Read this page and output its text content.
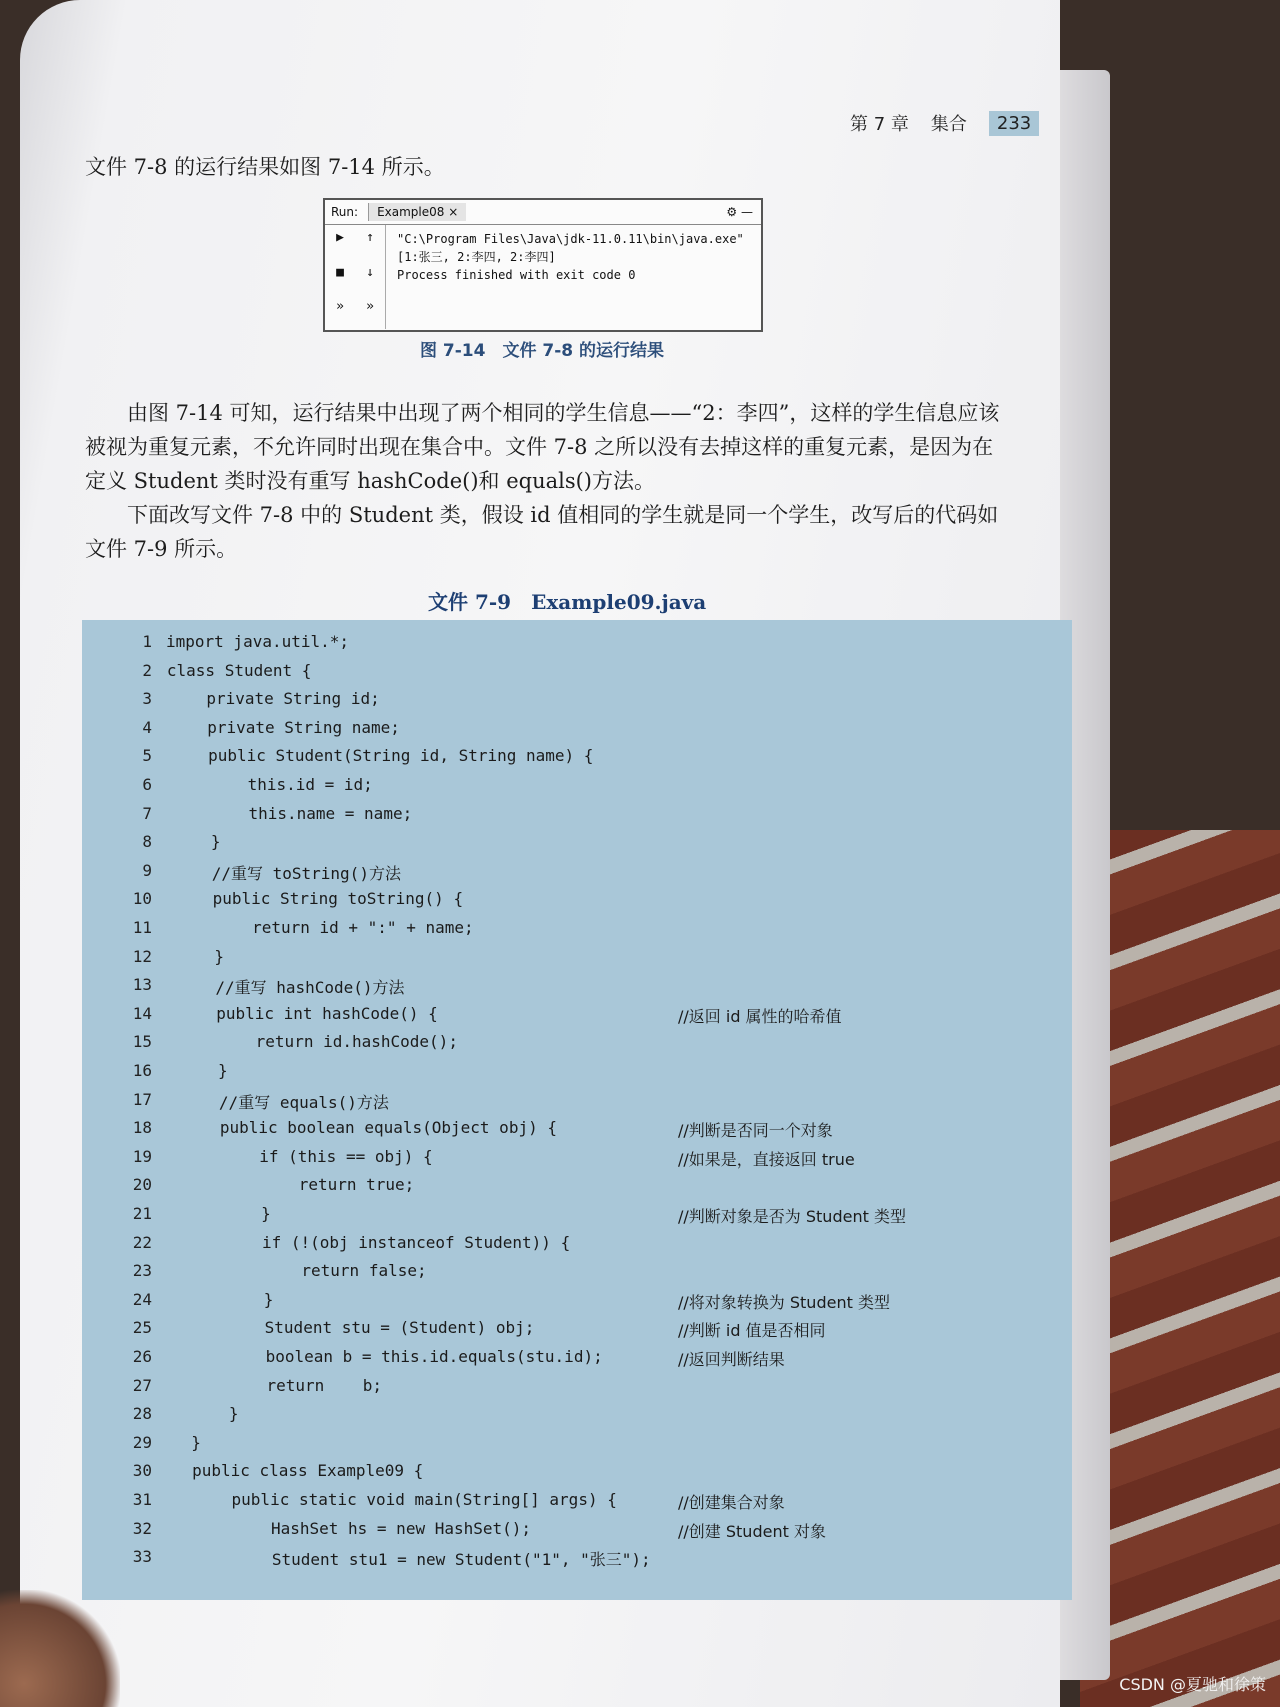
第 7 章 集合	233

文件 7-8 的运行结果如图 7-14 所示。

Run:	Example08 ×	⚙ —
▶	↑
■	↓
»	»
"C:\Program Files\Java\jdk-11.0.11\bin\java.exe"
[1:张三, 2:李四, 2:李四]
Process finished with exit code 0
图 7-14　文件 7-8 的运行结果

由图 7-14 可知，运行结果中出现了两个相同的学生信息——“2：李四”，这样的学生信息应该被视为重复元素，不允许同时出现在集合中。文件 7-8 之所以没有去掉这样的重复元素，是因为在定义 Student 类时没有重写 hashCode()和 equals()方法。

下面改写文件 7-8 中的 Student 类，假设 id 值相同的学生就是同一个学生，改写后的代码如文件 7-9 所示。

文件 7-9　Example09.java
1 import java.util.*;
2 class Student {
3 private String id;
4 private String name;
5 public Student(String id, String name) {
6 this.id = id;
7 this.name = name;
8 }
9 //重写 toString()方法
10 public String toString() {
11 return id + ":" + name;
12 }
13 //重写 hashCode()方法
14 public int hashCode() {	//返回 id 属性的哈希值
15 return id.hashCode();
16 }
17 //重写 equals()方法
18 public boolean equals(Object obj) {	//判断是否同一个对象
19 if (this == obj) {	//如果是，直接返回 true
20 return true;
21 }	//判断对象是否为 Student 类型
22 if (!(obj instanceof Student)) {
23 return false;
24 }	//将对象转换为 Student 类型
25 Student stu = (Student) obj;	//判断 id 值是否相同
26 boolean b = this.id.equals(stu.id);	//返回判断结果
27 return    b;
28 }
29 }
30	public class Example09 {
31	public static void main(String[] args) {	//创建集合对象
32	HashSet hs = new HashSet();	//创建 Student 对象
33	Student stu1 = new Student("1", "张三");
CSDN @夏驰和徐策
